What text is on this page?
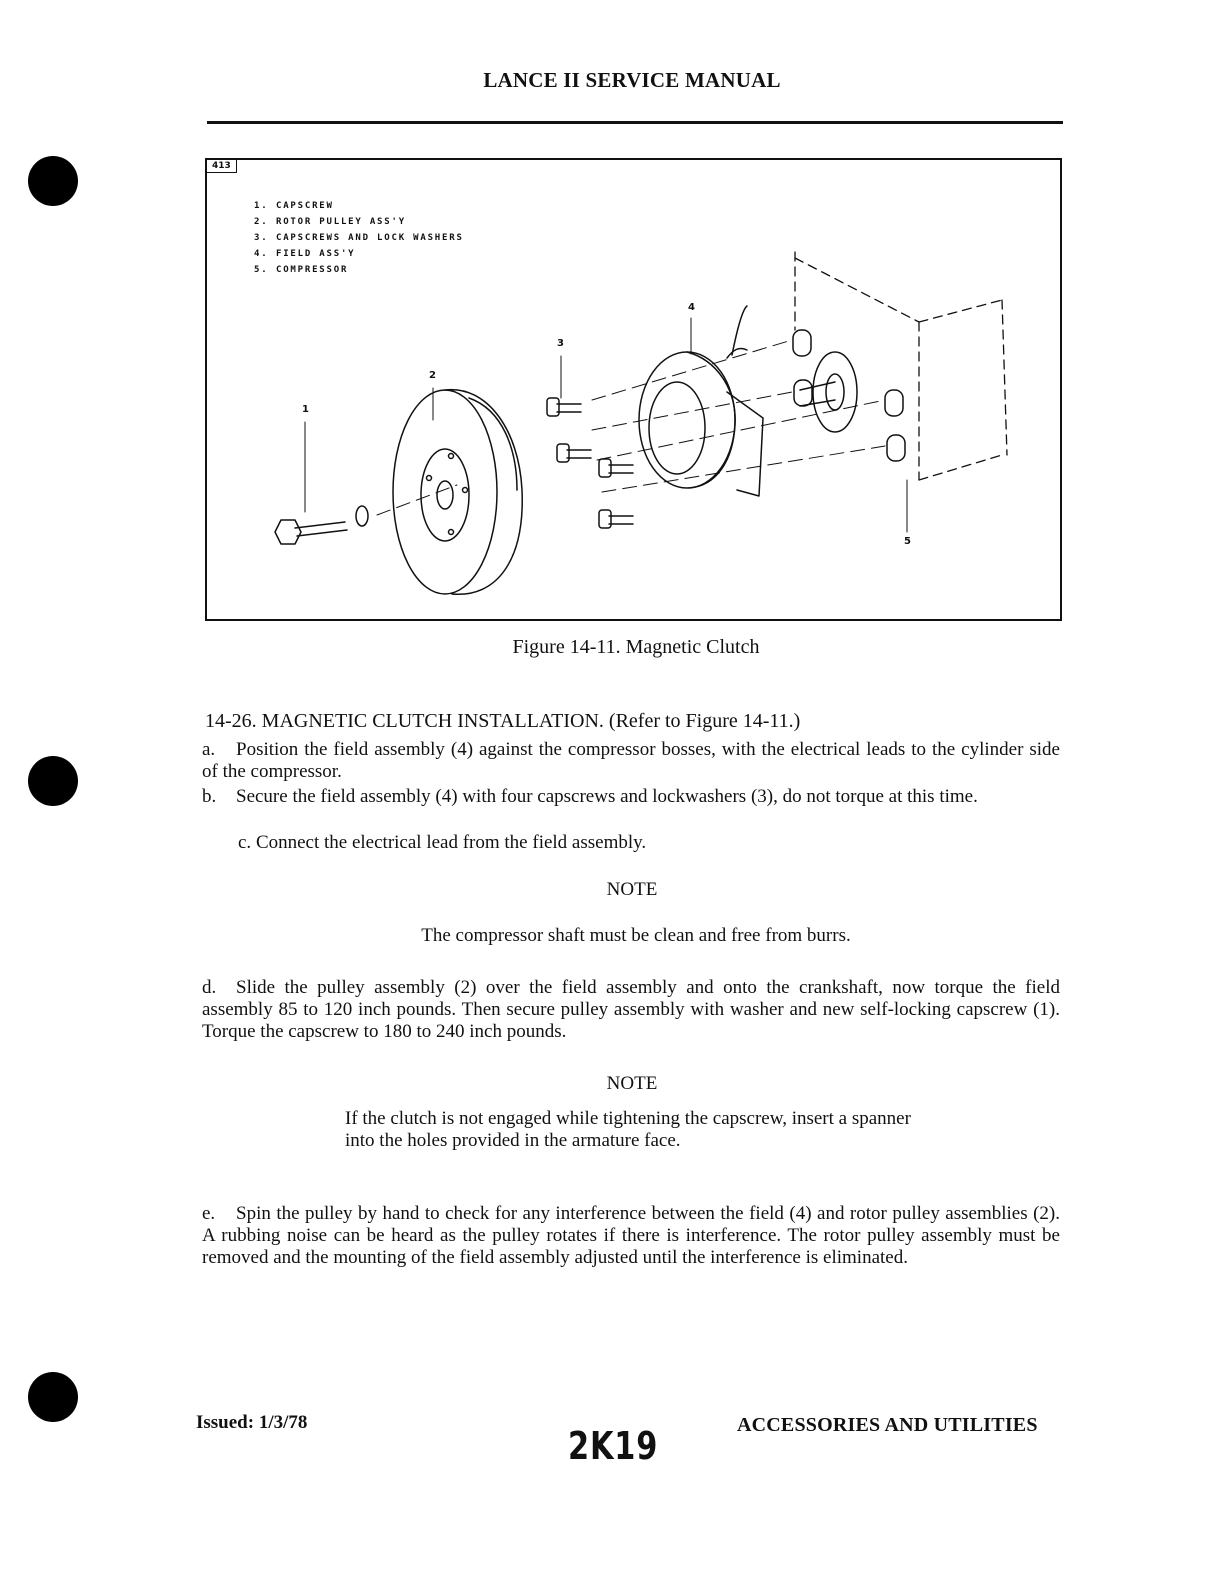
LANCE II SERVICE MANUAL
413
1. CAPSCREW
2. ROTOR PULLEY ASS'Y
3. CAPSCREWS AND LOCK WASHERS
4. FIELD ASS'Y
5. COMPRESSOR
1
2
3
4
5
Figure 14-11. Magnetic Clutch
14-26. MAGNETIC CLUTCH INSTALLATION. (Refer to Figure 14-11.)
a. Position the field assembly (4) against the compressor bosses, with the electrical leads to the cylinder side of the compressor.
b. Secure the field assembly (4) with four capscrews and lockwashers (3), do not torque at this time.
c. Connect the electrical lead from the field assembly.
NOTE
The compressor shaft must be clean and free from burrs.
d. Slide the pulley assembly (2) over the field assembly and onto the crankshaft, now torque the field assembly 85 to 120 inch pounds. Then secure pulley assembly with washer and new self-locking capscrew (1). Torque the capscrew to 180 to 240 inch pounds.
NOTE
If the clutch is not engaged while tightening the capscrew, insert a spanner into the holes provided in the armature face.
e. Spin the pulley by hand to check for any interference between the field (4) and rotor pulley assemblies (2). A rubbing noise can be heard as the pulley rotates if there is interference. The rotor pulley assembly must be removed and the mounting of the field assembly adjusted until the interference is eliminated.
Issued: 1/3/78
2K19	ACCESSORIES AND UTILITIES
